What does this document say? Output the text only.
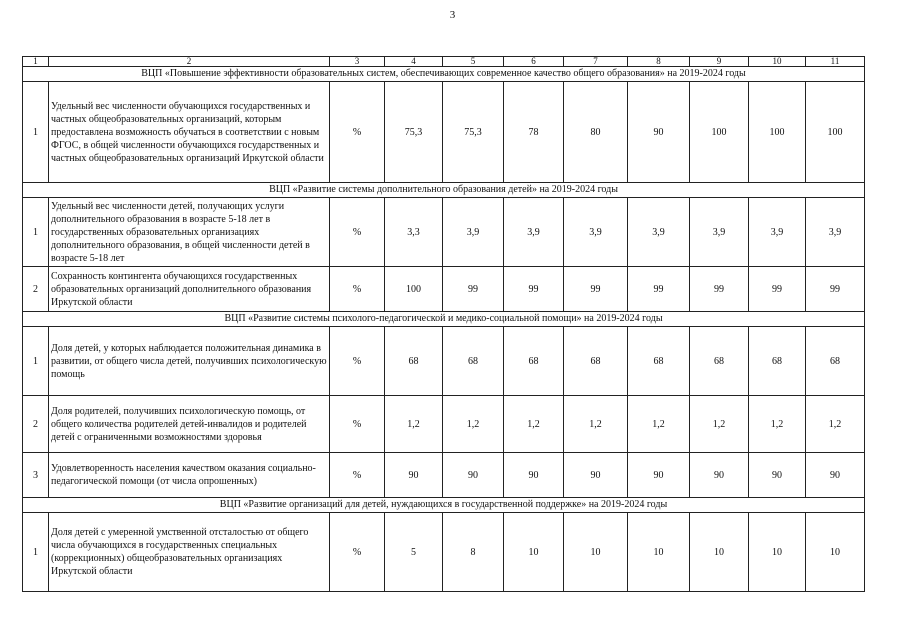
3
1	2	3	4	5	6	7	8	9	10	11
ВЦП «Повышение эффективности образовательных систем, обеспечивающих современное качество общего образования» на 2019-2024 годы										
1	Удельный вес численности обучающихся государственных и частных общеобразовательных организаций, которым предоставлена возможность обучаться в соответствии с новым ФГОС, в общей численности обучающихся государственных и частных общеобразовательных организаций Иркутской области	%	75,3	75,3	78	80	90	100	100	100
ВЦП «Развитие системы дополнительного образования детей» на 2019-2024 годы										
1	Удельный вес численности детей, получающих услуги дополнительного образования в возрасте 5-18 лет в государственных образовательных организациях дополнительного образования, в общей численности детей в возрасте 5-18 лет	%	3,3	3,9	3,9	3,9	3,9	3,9	3,9	3,9
2	Сохранность контингента обучающихся государственных образовательных организаций дополнительного образования Иркутской области	%	100	99	99	99	99	99	99	99
ВЦП «Развитие системы психолого-педагогической и медико-социальной помощи» на 2019-2024 годы										
1	Доля детей, у которых наблюдается положительная динамика в развитии, от общего числа детей, получивших психологическую помощь	%	68	68	68	68	68	68	68	68
2	Доля родителей, получивших психологическую помощь, от общего количества родителей детей-инвалидов и родителей детей с ограниченными возможностями здоровья	%	1,2	1,2	1,2	1,2	1,2	1,2	1,2	1,2
3	Удовлетворенность населения качеством оказания социально-педагогической помощи (от числа опрошенных)	%	90	90	90	90	90	90	90	90
ВЦП «Развитие организаций для детей, нуждающихся в государственной поддержке» на 2019-2024 годы										
1	Доля детей с умеренной умственной отсталостью от общего числа обучающихся в государственных специальных (коррекционных) общеобразовательных организациях Иркутской области	%	5	8	10	10	10	10	10	10
